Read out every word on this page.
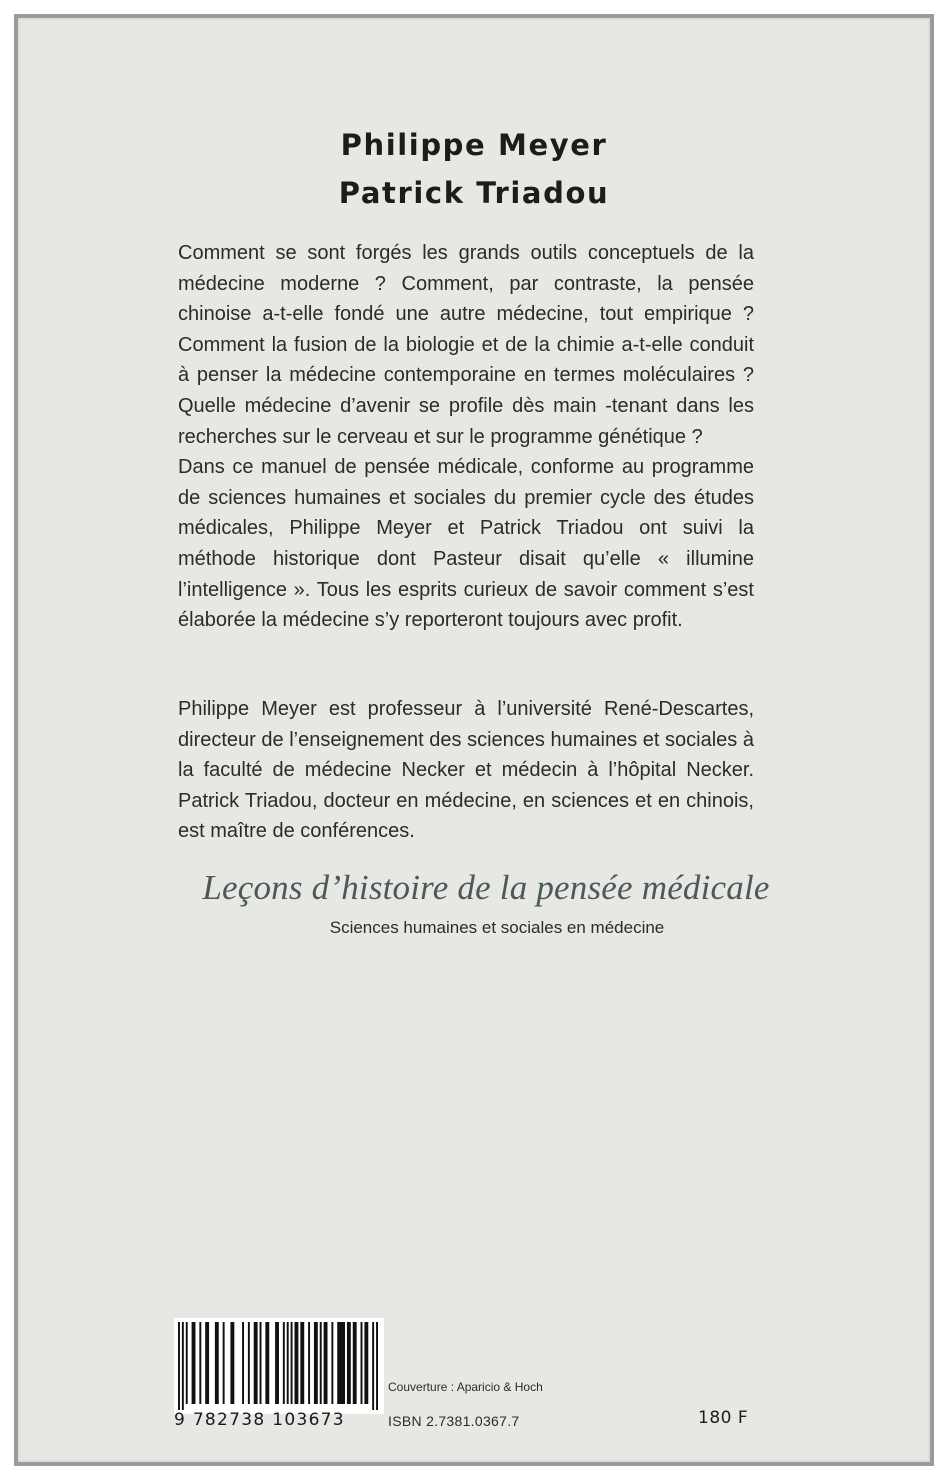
Philippe Meyer
Patrick Triadou

Comment se sont forgés les grands outils conceptuels de la médecine moderne ? Comment, par contraste, la pensée chinoise a-t-elle fondé une autre médecine, tout empirique ? Comment la fusion de la biologie et de la chimie a-t-elle conduit à penser la médecine contemporaine en termes moléculaires ? Quelle médecine d’avenir se profile dès main -tenant dans les recherches sur le cerveau et sur le programme génétique ?

Dans ce manuel de pensée médicale, conforme au programme de sciences humaines et sociales du premier cycle des études médicales, Philippe Meyer et Patrick Triadou ont suivi la méthode historique dont Pasteur disait qu’elle « illumine l’intelligence ». Tous les esprits curieux de savoir comment s’est élaborée la médecine s’y reporteront toujours avec profit.

Philippe Meyer est professeur à l’université René-Descartes, directeur de l’enseignement des sciences humaines et sociales à la faculté de médecine Necker et médecin à l’hôpital Necker. Patrick Triadou, docteur en médecine, en sciences et en chinois, est maître de conférences.

Leçons d’histoire de la pensée médicale
Sciences humaines et sociales en médecine
9 782738 103673
Couverture : Aparicio & Hoch
ISBN 2.7381.0367.7	180 F
